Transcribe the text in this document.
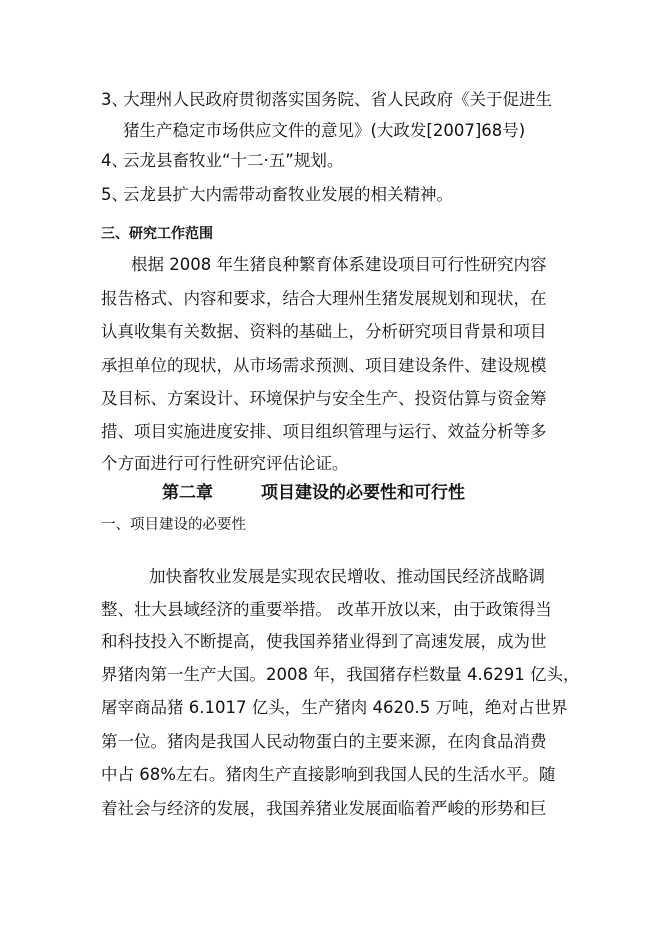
3、大理州人民政府贯彻落实国务院、省人民政府《关于促进生
猪生产稳定市场供应文件的意见》(大政发[2007]68号)
4、云龙县畜牧业“十二·五”规划。
5、云龙县扩大内需带动畜牧业发展的相关精神。
三、研究工作范围
根据 2008 年生猪良种繁育体系建设项目可行性研究内容
报告格式、内容和要求，结合大理州生猪发展规划和现状，在
认真收集有关数据、资料的基础上，分析研究项目背景和项目
承担单位的现状，从市场需求预测、项目建设条件、建设规模
及目标、方案设计、环境保护与安全生产、投资估算与资金筹
措、项目实施进度安排、项目组织管理与运行、效益分析等多
个方面进行可行性研究评估论证。
第二章	项目建设的必要性和可行性
一、项目建设的必要性
加快畜牧业发展是实现农民增收、推动国民经济战略调
整、壮大县域经济的重要举措。 改革开放以来，由于政策得当
和科技投入不断提高，使我国养猪业得到了高速发展，成为世
界猪肉第一生产大国。2008 年，我国猪存栏数量 4.6291 亿头，
屠宰商品猪 6.1017 亿头，生产猪肉 4620.5 万吨，绝对占世界
第一位。猪肉是我国人民动物蛋白的主要来源，在肉食品消费
中占 68%左右。猪肉生产直接影响到我国人民的生活水平。随
着社会与经济的发展，我国养猪业发展面临着严峻的形势和巨
